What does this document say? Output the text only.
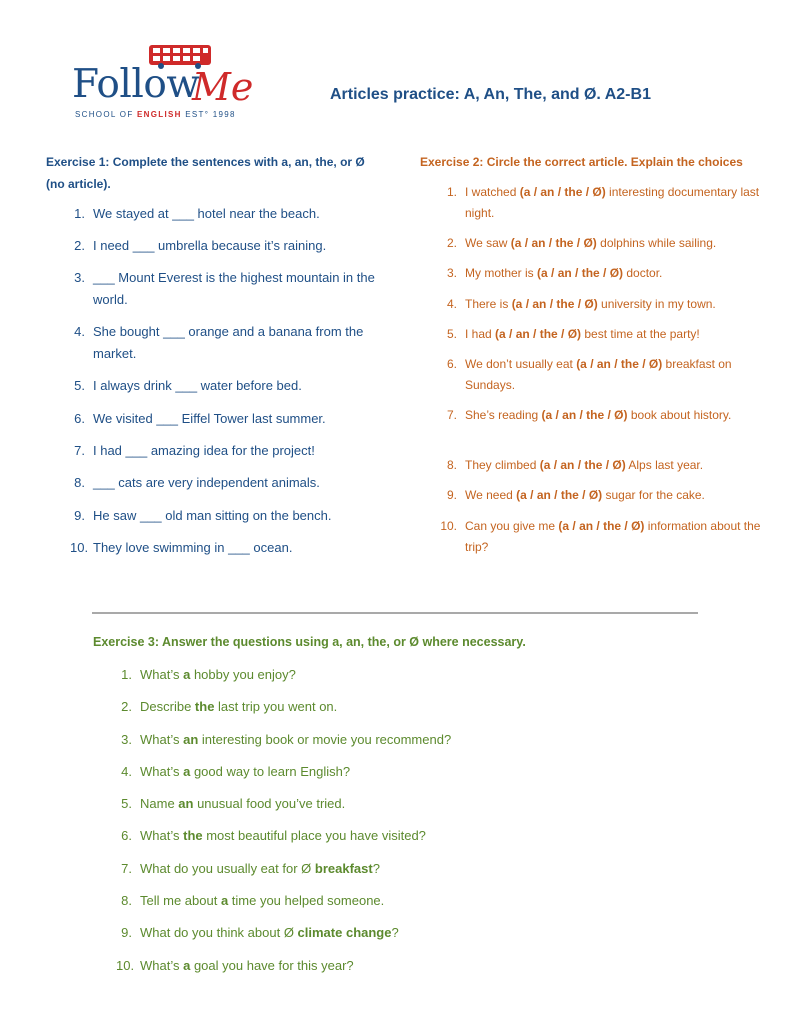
Follow
Me
SCHOOL OF ENGLISH EST° 1998
Articles practice: A, An, The, and Ø. A2-B1
Exercise 1: Complete the sentences with a, an, the, or Ø (no article).
1. We stayed at ___ hotel near the beach.
2. I need ___ umbrella because it’s raining.
3. ___ Mount Everest is the highest mountain in the world.
4. She bought ___ orange and a banana from the market.
5. I always drink ___ water before bed.
6. We visited ___ Eiffel Tower last summer.
7. I had ___ amazing idea for the project!
8. ___ cats are very independent animals.
9. He saw ___ old man sitting on the bench.
10. They love swimming in ___ ocean.
Exercise 2: Circle the correct article. Explain the choices
1. I watched (a / an / the / Ø) interesting documentary last night.
2. We saw (a / an / the / Ø) dolphins while sailing.
3. My mother is (a / an / the / Ø) doctor.
4. There is (a / an / the / Ø) university in my town.
5. I had (a / an / the / Ø) best time at the party!
6. We don’t usually eat (a / an / the / Ø) breakfast on Sundays.
7. She’s reading (a / an / the / Ø) book about history.
8. They climbed (a / an / the / Ø) Alps last year.
9. We need (a / an / the / Ø) sugar for the cake.
10. Can you give me (a / an / the / Ø) information about the trip?
Exercise 3: Answer the questions using a, an, the, or Ø where necessary.
1. What’s a hobby you enjoy?
2. Describe the last trip you went on.
3. What’s an interesting book or movie you recommend?
4. What’s a good way to learn English?
5. Name an unusual food you’ve tried.
6. What’s the most beautiful place you have visited?
7. What do you usually eat for Ø breakfast?
8. Tell me about a time you helped someone.
9. What do you think about Ø climate change?
10. What’s a goal you have for this year?
